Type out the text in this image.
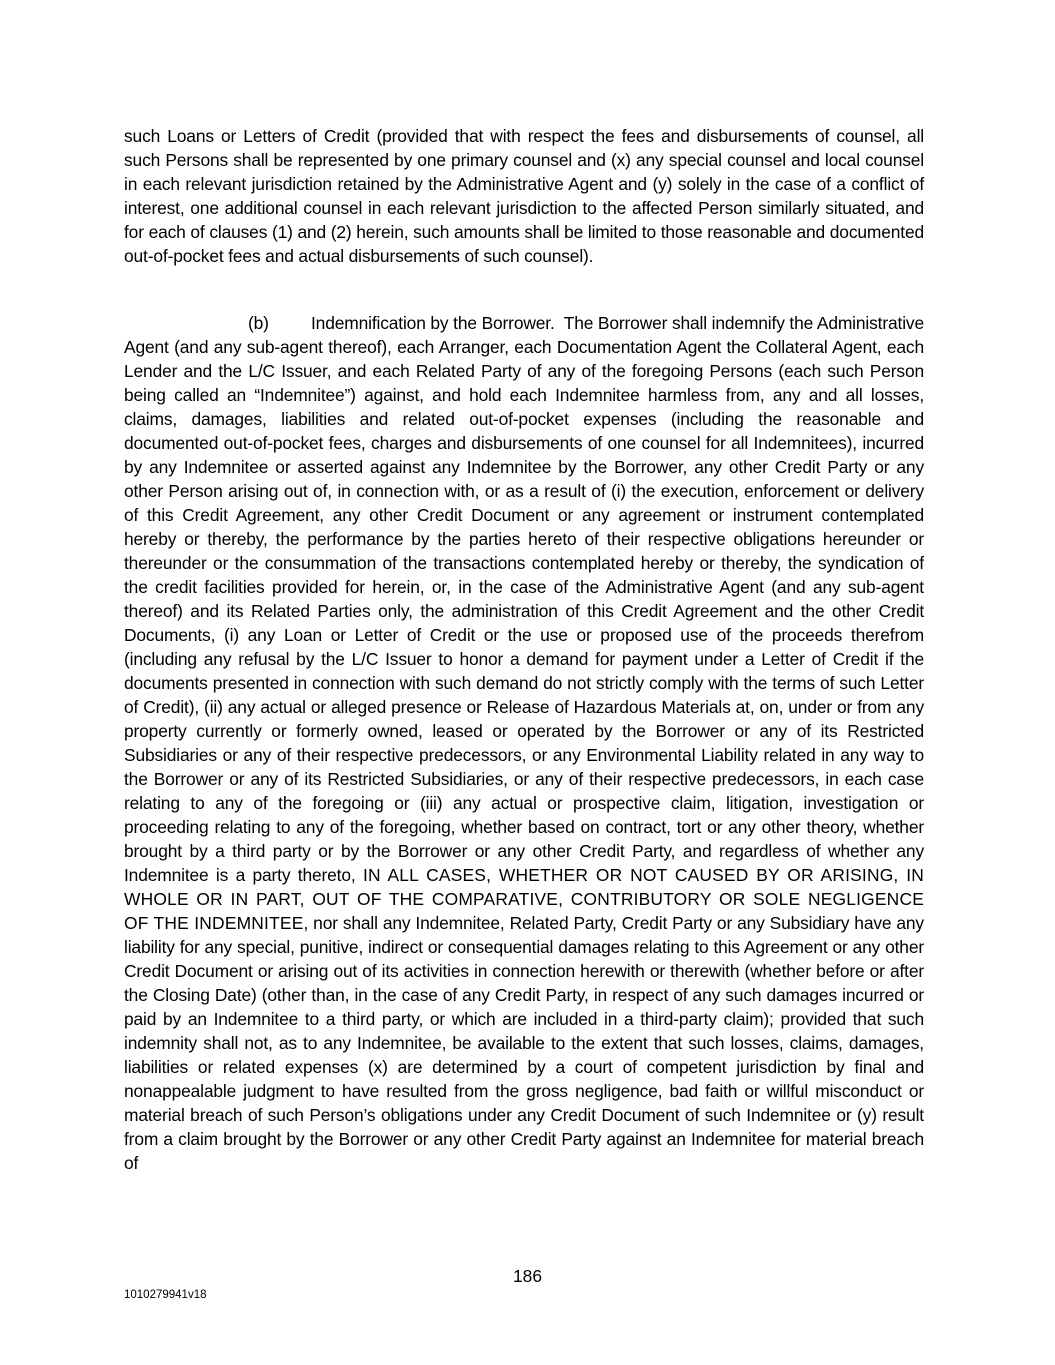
such Loans or Letters of Credit (provided that with respect the fees and disbursements of counsel, all such Persons shall be represented by one primary counsel and (x) any special counsel and local counsel in each relevant jurisdiction retained by the Administrative Agent and (y) solely in the case of a conflict of interest, one additional counsel in each relevant jurisdiction to the affected Person similarly situated, and for each of clauses (1) and (2) herein, such amounts shall be limited to those reasonable and documented out-of-pocket fees and actual disbursements of such counsel).

(b) Indemnification by the Borrower. The Borrower shall indemnify the Administrative Agent (and any sub-agent thereof), each Arranger, each Documentation Agent the Collateral Agent, each Lender and the L/C Issuer, and each Related Party of any of the foregoing Persons (each such Person being called an “Indemnitee”) against, and hold each Indemnitee harmless from, any and all losses, claims, damages, liabilities and related out-of-pocket expenses (including the reasonable and documented out-of-pocket fees, charges and disbursements of one counsel for all Indemnitees), incurred by any Indemnitee or asserted against any Indemnitee by the Borrower, any other Credit Party or any other Person arising out of, in connection with, or as a result of (i) the execution, enforcement or delivery of this Credit Agreement, any other Credit Document or any agreement or instrument contemplated hereby or thereby, the performance by the parties hereto of their respective obligations hereunder or thereunder or the consummation of the transactions contemplated hereby or thereby, the syndication of the credit facilities provided for herein, or, in the case of the Administrative Agent (and any sub-agent thereof) and its Related Parties only, the administration of this Credit Agreement and the other Credit Documents, (i) any Loan or Letter of Credit or the use or proposed use of the proceeds therefrom (including any refusal by the L/C Issuer to honor a demand for payment under a Letter of Credit if the documents presented in connection with such demand do not strictly comply with the terms of such Letter of Credit), (ii) any actual or alleged presence or Release of Hazardous Materials at, on, under or from any property currently or formerly owned, leased or operated by the Borrower or any of its Restricted Subsidiaries or any of their respective predecessors, or any Environmental Liability related in any way to the Borrower or any of its Restricted Subsidiaries, or any of their respective predecessors, in each case relating to any of the foregoing or (iii) any actual or prospective claim, litigation, investigation or proceeding relating to any of the foregoing, whether based on contract, tort or any other theory, whether brought by a third party or by the Borrower or any other Credit Party, and regardless of whether any Indemnitee is a party thereto, IN ALL CASES, WHETHER OR NOT CAUSED BY OR ARISING, IN WHOLE OR IN PART, OUT OF THE COMPARATIVE, CONTRIBUTORY OR SOLE NEGLIGENCE OF THE INDEMNITEE, nor shall any Indemnitee, Related Party, Credit Party or any Subsidiary have any liability for any special, punitive, indirect or consequential damages relating to this Agreement or any other Credit Document or arising out of its activities in connection herewith or therewith (whether before or after the Closing Date) (other than, in the case of any Credit Party, in respect of any such damages incurred or paid by an Indemnitee to a third party, or which are included in a third-party claim); provided that such indemnity shall not, as to any Indemnitee, be available to the extent that such losses, claims, damages, liabilities or related expenses (x) are determined by a court of competent jurisdiction by final and nonappealable judgment to have resulted from the gross negligence, bad faith or willful misconduct or material breach of such Person’s obligations under any Credit Document of such Indemnitee or (y) result from a claim brought by the Borrower or any other Credit Party against an Indemnitee for material breach of

186
1010279941v18
